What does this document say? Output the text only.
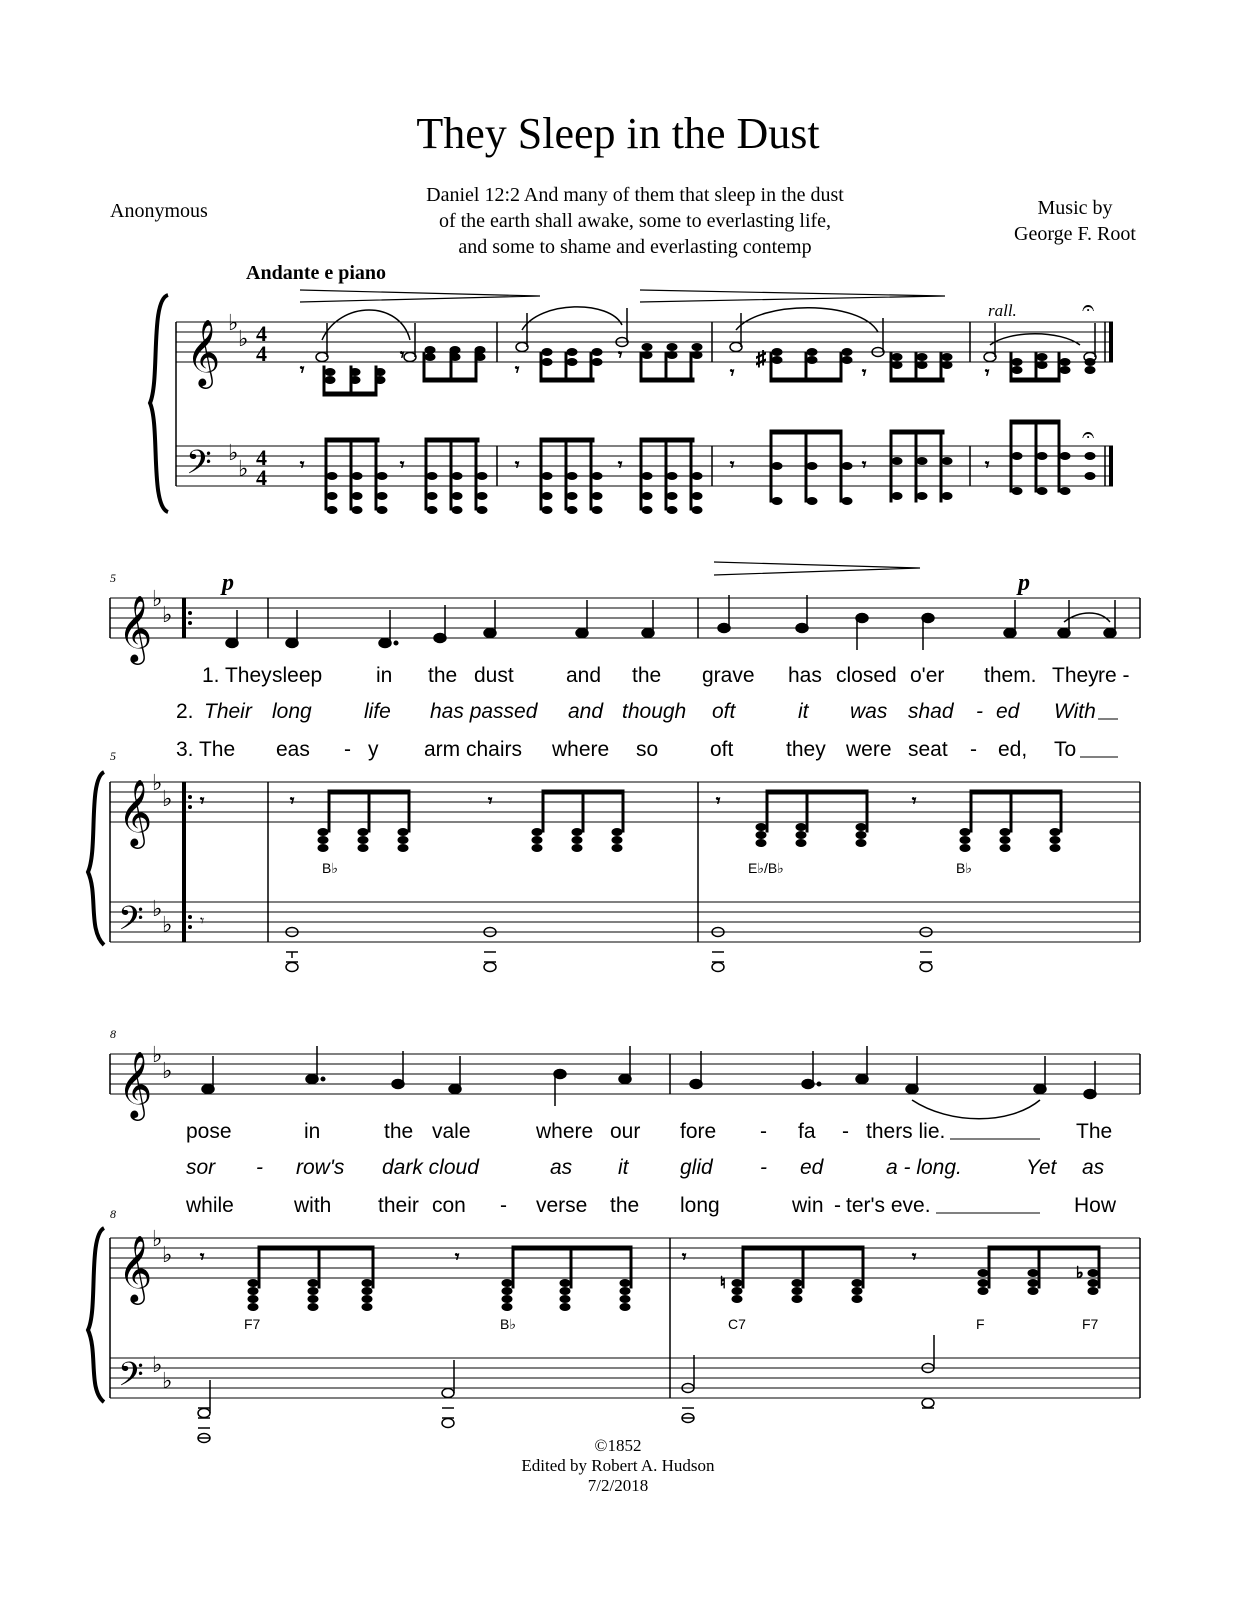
They Sleep in the Dust
Anonymous
Daniel 12:2 And many of them that sleep in the dust
of the earth shall awake, some to everlasting life,
and some to shame and everlasting contemp
Music by
George F. Root
Andante e piano
𝄞
𝄢
♭
♭
♭
♭
4
4
4
4
rall.	𝄐
𝄐
𝄾
𝄾
𝄾
𝄾
𝄾	𝄾	𝄾
♯
𝄾	𝄾	𝄾	𝄾	𝄾	𝄾	𝄾
5
5
𝄞 ♭
♭
p	p
1. They sleep	in the dust and the grave has closed o'er them. They re -
2. Their long life has passed and though oft	it was shad - ed With
3. The eas - y arm chairs where so oft	they were seat - ed, To
𝄞
𝄢
♭
♭
♭
♭
𝄾	𝄾	𝄾	𝄾	𝄾
B♭	E♭/B♭	B♭
𝄾
8
8
𝄞 ♭
♭
pose	in	the vale	where our fore - fa - thers lie.	The
sor - row's dark cloud	as it glid - ed	a - long.	Yet as
while	with their con - verse the long	win - ter's eve.	How
𝄞
𝄢
♭
♭
♭
♭
𝄾	𝄾	𝄾
♮
𝄾
♭
F7	B♭	C7	F	F7
©1852
Edited by Robert A. Hudson
7/2/2018
